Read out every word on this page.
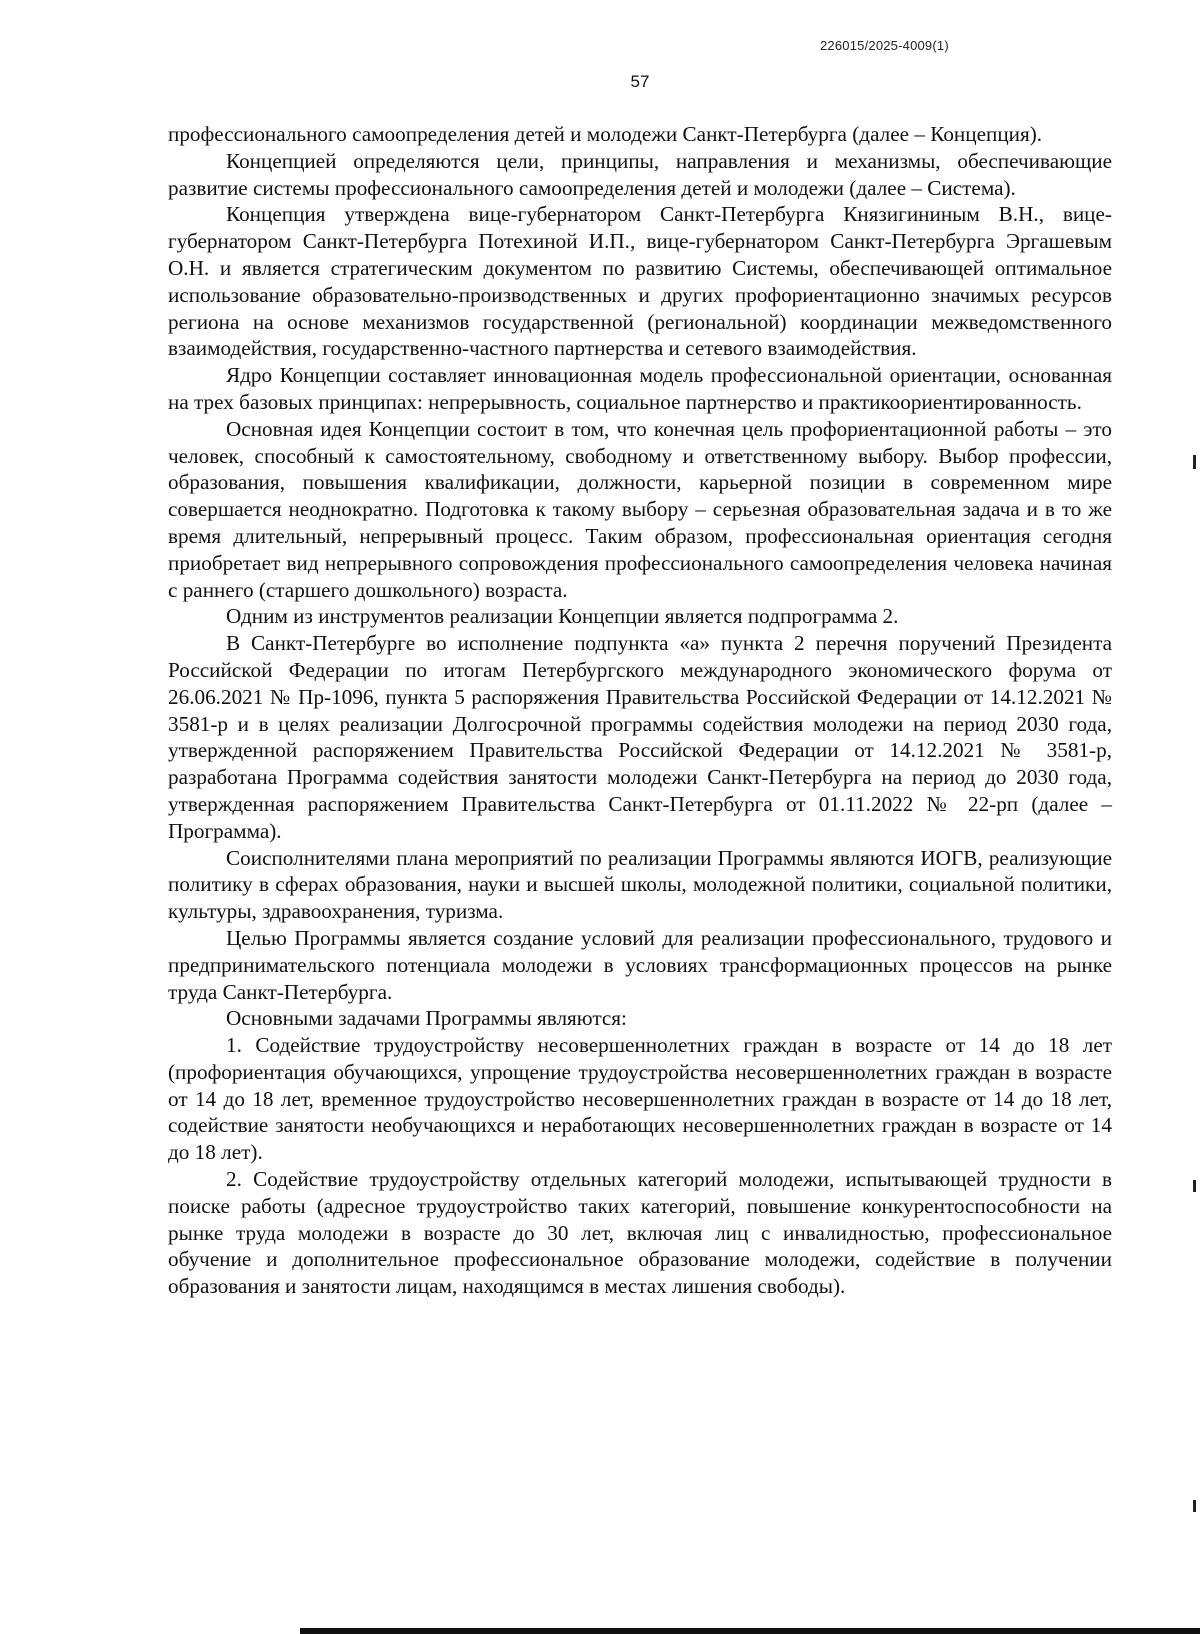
226015/2025-4009(1)
57

профессионального самоопределения детей и молодежи Санкт-Петербурга (далее – Концепция).

Концепцией определяются цели, принципы, направления и механизмы, обеспечивающие развитие системы профессионального самоопределения детей и молодежи (далее – Система).

Концепция утверждена вице-губернатором Санкт-Петербурга Князигининым В.Н., вице-губернатором Санкт-Петербурга Потехиной И.П., вице-губернатором Санкт-Петербурга Эргашевым О.Н. и является стратегическим документом по развитию Системы, обеспечивающей оптимальное использование образовательно-производственных и других профориентационно значимых ресурсов региона на основе механизмов государственной (региональной) координации межведомственного взаимодействия, государственно-частного партнерства и сетевого взаимодействия.

Ядро Концепции составляет инновационная модель профессиональной ориентации, основанная на трех базовых принципах: непрерывность, социальное партнерство и практикоориентированность.

Основная идея Концепции состоит в том, что конечная цель профориентационной работы – это человек, способный к самостоятельному, свободному и ответственному выбору. Выбор профессии, образования, повышения квалификации, должности, карьерной позиции в современном мире совершается неоднократно. Подготовка к такому выбору – серьезная образовательная задача и в то же время длительный, непрерывный процесс. Таким образом, профессиональная ориентация сегодня приобретает вид непрерывного сопровождения профессионального самоопределения человека начиная с раннего (старшего дошкольного) возраста.

Одним из инструментов реализации Концепции является подпрограмма 2.

В Санкт-Петербурге во исполнение подпункта «а» пункта 2 перечня поручений Президента Российской Федерации по итогам Петербургского международного экономического форума от 26.06.2021 № Пр-1096, пункта 5 распоряжения Правительства Российской Федерации от 14.12.2021 № 3581-р и в целях реализации Долгосрочной программы содействия молодежи на период 2030 года, утвержденной распоряжением Правительства Российской Федерации от 14.12.2021 № 3581-р, разработана Программа содействия занятости молодежи Санкт-Петербурга на период до 2030 года, утвержденная распоряжением Правительства Санкт-Петербурга от 01.11.2022 № 22-рп (далее – Программа).

Соисполнителями плана мероприятий по реализации Программы являются ИОГВ, реализующие политику в сферах образования, науки и высшей школы, молодежной политики, социальной политики, культуры, здравоохранения, туризма.

Целью Программы является создание условий для реализации профессионального, трудового и предпринимательского потенциала молодежи в условиях трансформационных процессов на рынке труда Санкт-Петербурга.

Основными задачами Программы являются:

1. Содействие трудоустройству несовершеннолетних граждан в возрасте от 14 до 18 лет (профориентация обучающихся, упрощение трудоустройства несовершеннолетних граждан в возрасте от 14 до 18 лет, временное трудоустройство несовершеннолетних граждан в возрасте от 14 до 18 лет, содействие занятости необучающихся и неработающих несовершеннолетних граждан в возрасте от 14 до 18 лет).

2. Содействие трудоустройству отдельных категорий молодежи, испытывающей трудности в поиске работы (адресное трудоустройство таких категорий, повышение конкурентоспособности на рынке труда молодежи в возрасте до 30 лет, включая лиц с инвалидностью, профессиональное обучение и дополнительное профессиональное образование молодежи, содействие в получении образования и занятости лицам, находящимся в местах лишения свободы).
